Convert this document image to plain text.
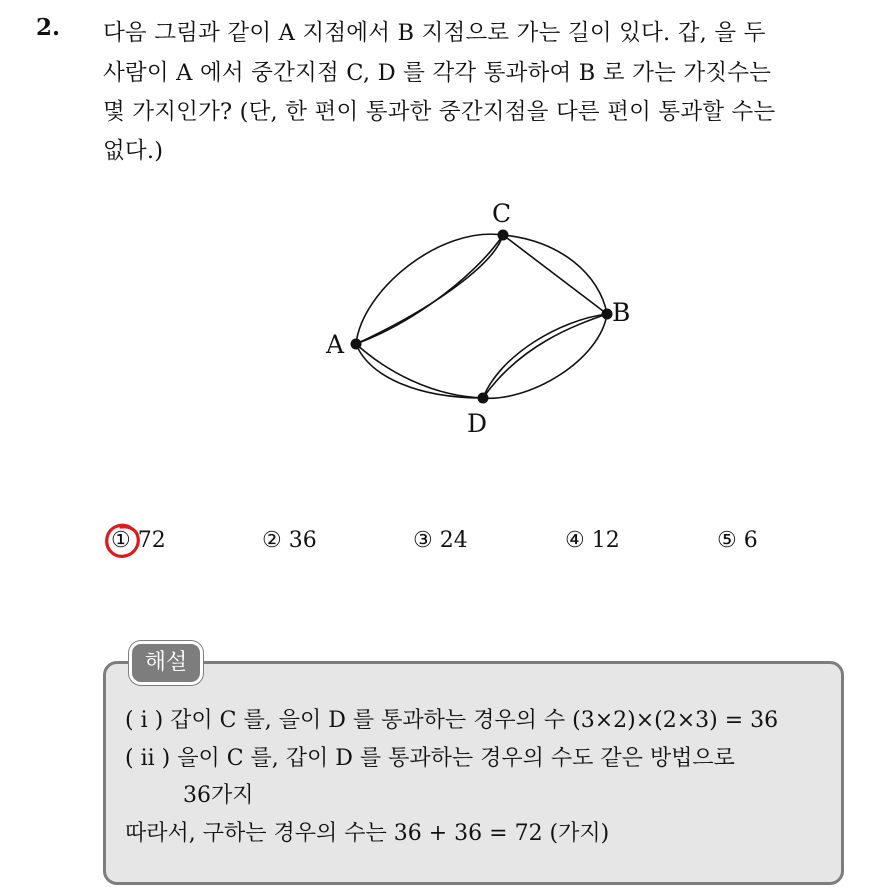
2. 다음 그림과 같이 A 지점에서 B 지점으로 가는 길이 있다. 갑, 을 두
사람이 A 에서 중간지점 C, D 를 각각 통과하여 B 로 가는 가짓수는
몇 가지인가? (단, 한 편이 통과한 중간지점을 다른 편이 통과할 수는
없다.)
A
B
C
D
① 72	② 36	③ 24	④ 12	⑤ 6
해설
( i ) 갑이 C 를, 을이 D 를 통과하는 경우의 수 (3×2)×(2×3) = 36
( ii ) 을이 C 를, 갑이 D 를 통과하는 경우의 수도 같은 방법으로
36가지
따라서, 구하는 경우의 수는 36 + 36 = 72 (가지)
